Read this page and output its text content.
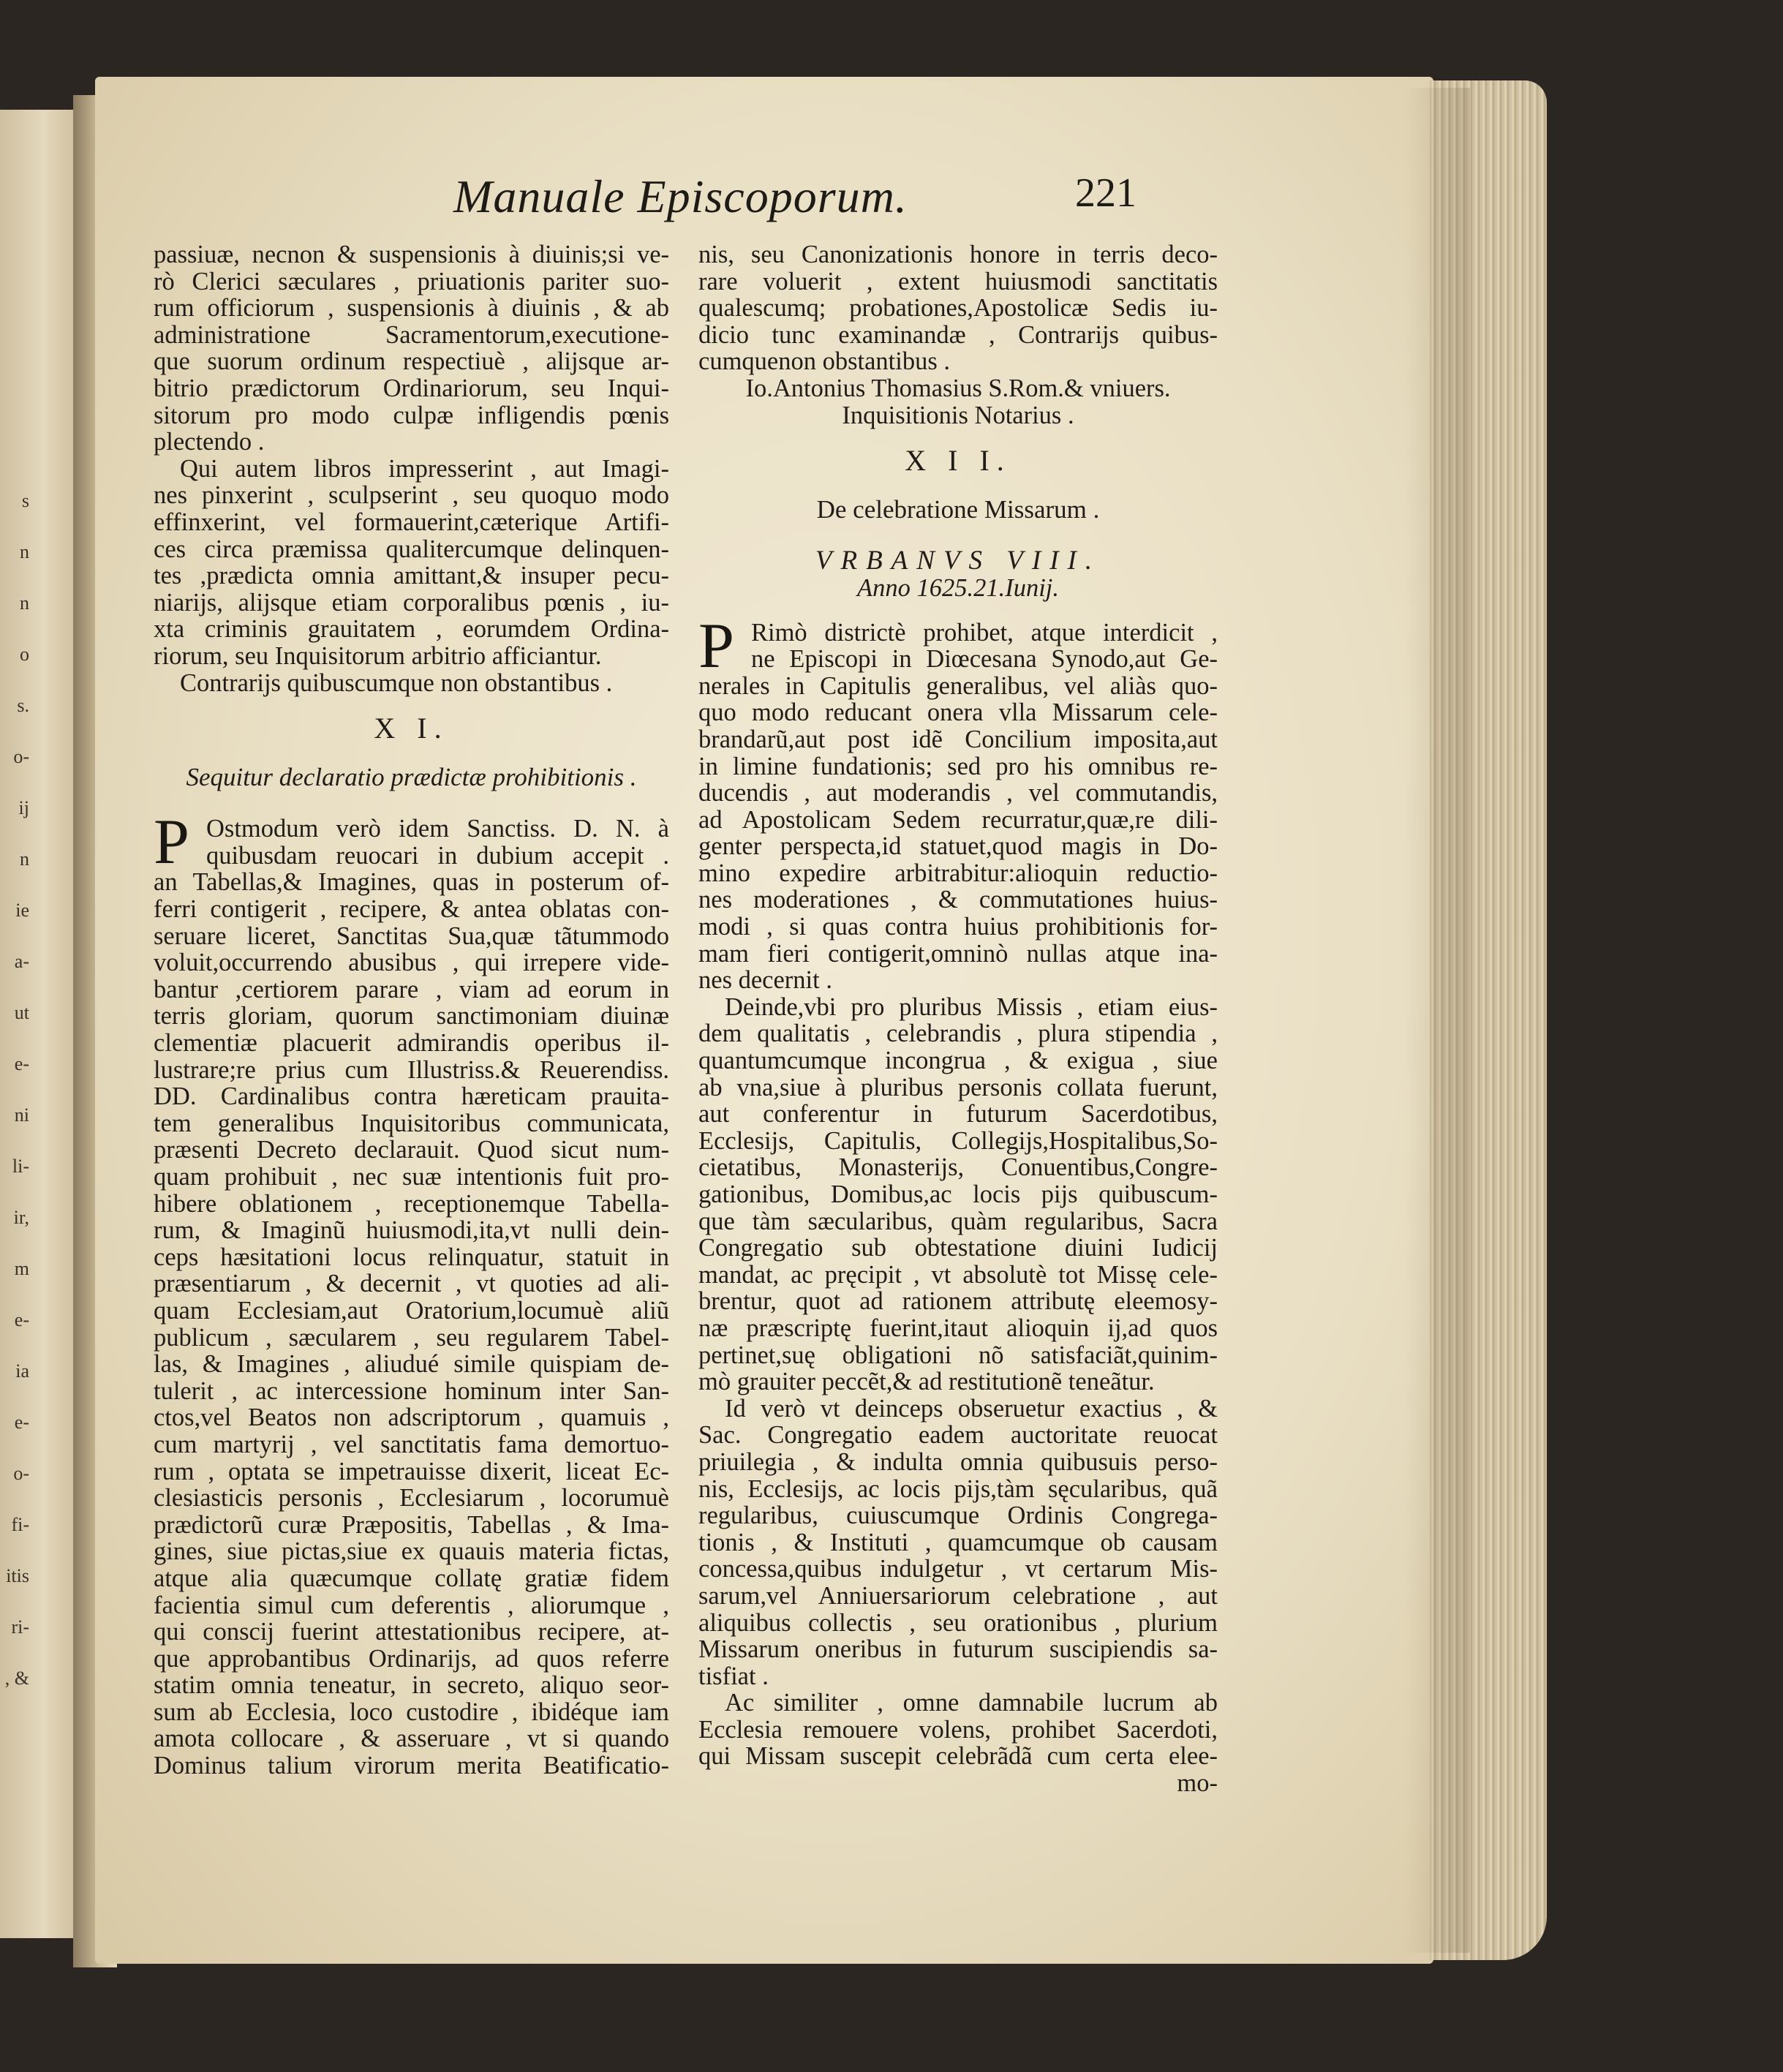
s
n
n
o
s.
o-
ij
n
ie
a-
ut
e-
ni
li-
ir,
m
e-
ia
e-
o-
fi-
itis
ri-
, &
Manuale Episcoporum.	221
passiuæ, necnon & suspensionis à diuinis;si ve-
rò Clerici sæculares , priuationis pariter suo-
rum officiorum , suspensionis à diuinis , & ab
administratione Sacramentorum,executione-
que suorum ordinum respectiuè , alijsque ar-
bitrio prædictorum Ordinariorum, seu Inqui-
sitorum pro modo culpæ infligendis pœnis
plectendo .
Qui autem libros impresserint , aut Imagi-
nes pinxerint , sculpserint , seu quoquo modo
effinxerint, vel formauerint,cæterique Artifi-
ces circa præmissa qualitercumque delinquen-
tes ,prædicta omnia amittant,& insuper pecu-
niarijs, alijsque etiam corporalibus pœnis , iu-
xta criminis grauitatem , eorumdem Ordina-
riorum, seu Inquisitorum arbitrio afficiantur.
Contrarijs quibuscumque non obstantibus .
X I.
Sequitur declaratio prædictæ prohibitionis .
P Ostmodum verò idem Sanctiss. D. N. à
quibusdam reuocari in dubium accepit .
an Tabellas,& Imagines, quas in posterum of-
ferri contigerit , recipere, & antea oblatas con-
seruare liceret, Sanctitas Sua,quæ tãtummodo
voluit,occurrendo abusibus , qui irrepere vide-
bantur ,certiorem parare , viam ad eorum in
terris gloriam, quorum sanctimoniam diuinæ
clementiæ placuerit admirandis operibus il-
lustrare;re prius cum Illustriss.& Reuerendiss.
DD. Cardinalibus contra hæreticam prauita-
tem generalibus Inquisitoribus communicata,
præsenti Decreto declarauit. Quod sicut num-
quam prohibuit , nec suæ intentionis fuit pro-
hibere oblationem , receptionemque Tabella-
rum, & Imaginũ huiusmodi,ita,vt nulli dein-
ceps hæsitationi locus relinquatur, statuit in
præsentiarum , & decernit , vt quoties ad ali-
quam Ecclesiam,aut Oratorium,locumuè aliũ
publicum , sæcularem , seu regularem Tabel-
las, & Imagines , aliudué simile quispiam de-
tulerit , ac intercessione hominum inter San-
ctos,vel Beatos non adscriptorum , quamuis ,
cum martyrij , vel sanctitatis fama demortuo-
rum , optata se impetrauisse dixerit, liceat Ec-
clesiasticis personis , Ecclesiarum , locorumuè
prædictorũ curæ Præpositis, Tabellas , & Ima-
gines, siue pictas,siue ex quauis materia fictas,
atque alia quæcumque collatę gratiæ fidem
facientia simul cum deferentis , aliorumque ,
qui conscij fuerint attestationibus recipere, at-
que approbantibus Ordinarijs, ad quos referre
statim omnia teneatur, in secreto, aliquo seor-
sum ab Ecclesia, loco custodire , ibidéque iam
amota collocare , & asseruare , vt si quando
Dominus talium virorum merita Beatificatio-
nis, seu Canonizationis honore in terris deco-
rare voluerit , extent huiusmodi sanctitatis
qualescumq; probationes,Apostolicæ Sedis iu-
dicio tunc examinandæ , Contrarijs quibus-
cumquenon obstantibus .
Io.Antonius Thomasius S.Rom.& vniuers.
Inquisitionis Notarius .
X I I.
De celebratione Missarum .
VRBANVS VIII.
Anno 1625.21.Iunij.
P Rimò districtè prohibet, atque interdicit ,
ne Episcopi in Diœcesana Synodo,aut Ge-
nerales in Capitulis generalibus, vel aliàs quo-
quo modo reducant onera vlla Missarum cele-
brandarũ,aut post idẽ Concilium imposita,aut
in limine fundationis; sed pro his omnibus re-
ducendis , aut moderandis , vel commutandis,
ad Apostolicam Sedem recurratur,quæ,re dili-
genter perspecta,id statuet,quod magis in Do-
mino expedire arbitrabitur:alioquin reductio-
nes moderationes , & commutationes huius-
modi , si quas contra huius prohibitionis for-
mam fieri contigerit,omninò nullas atque ina-
nes decernit .
Deinde,vbi pro pluribus Missis , etiam eius-
dem qualitatis , celebrandis , plura stipendia ,
quantumcumque incongrua , & exigua , siue
ab vna,siue à pluribus personis collata fuerunt,
aut conferentur in futurum Sacerdotibus,
Ecclesijs, Capitulis, Collegijs,Hospitalibus,So-
cietatibus, Monasterijs, Conuentibus,Congre-
gationibus, Domibus,ac locis pijs quibuscum-
que tàm sæcularibus, quàm regularibus, Sacra
Congregatio sub obtestatione diuini Iudicij
mandat, ac pręcipit , vt absolutè tot Missę cele-
brentur, quot ad rationem attributę eleemosy-
næ præscriptę fuerint,itaut alioquin ij,ad quos
pertinet,suę obligationi nõ satisfaciãt,quinim-
mò grauiter peccẽt,& ad restitutionẽ teneãtur.
Id verò vt deinceps obseruetur exactius , &
Sac. Congregatio eadem auctoritate reuocat
priuilegia , & indulta omnia quibusuis perso-
nis, Ecclesijs, ac locis pijs,tàm sęcularibus, quã
regularibus, cuiuscumque Ordinis Congrega-
tionis , & Instituti , quamcumque ob causam
concessa,quibus indulgetur , vt certarum Mis-
sarum,vel Anniuersariorum celebratione , aut
aliquibus collectis , seu orationibus , plurium
Missarum oneribus in futurum suscipiendis sa-
tisfiat .
Ac similiter , omne damnabile lucrum ab
Ecclesia remouere volens, prohibet Sacerdoti,
qui Missam suscepit celebrãdã cum certa elee-
mo-
